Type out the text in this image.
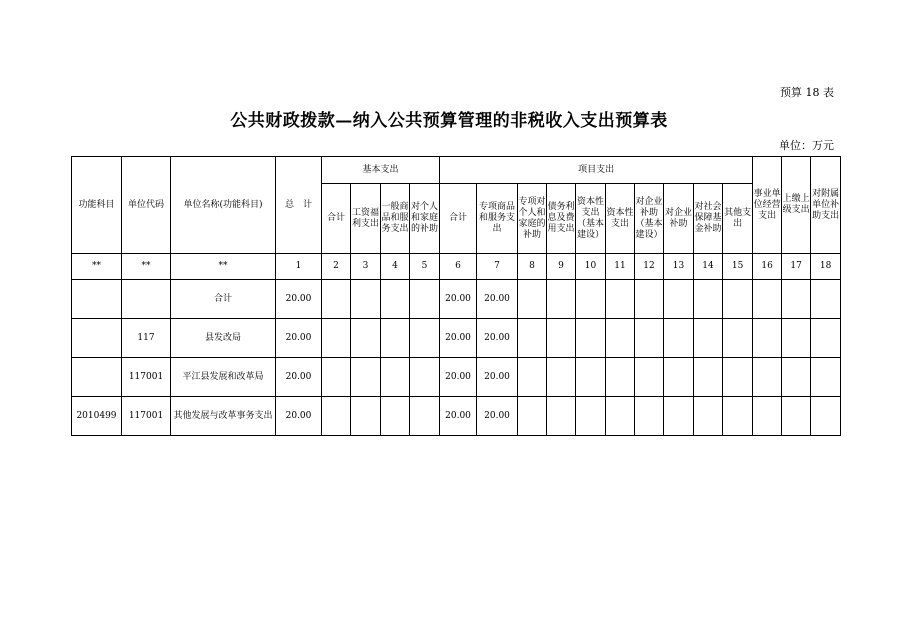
预算 18 表
公共财政拨款—纳入公共预算管理的非税收入支出预算表
单位：万元
功能科目	单位代码	单位名称(功能科目)	总　计	基本支出				项目支出										事业单位经营支出	上缴上级支出	对附属单位补助支出
				合计	工资福利支出	一般商品和服务支出	对个人和家庭的补助	合计	专项商品和服务支出	专项对个人和家庭的补助	债务利息及费用支出	资本性支出（基本建设）	资本性支出	对企业补助（基本建设）	对企业补助	对社会保障基金补助	其他支出			
**	**	**	1	2	3	4	5	6	7	8	9	10	11	12	13	14	15	16	17	18
		合计	20.00					20.00	20.00											
	117	县发改局	20.00					20.00	20.00											
	117001	平江县发展和改革局	20.00					20.00	20.00											
2010499	117001	其他发展与改革事务支出	20.00					20.00	20.00											
